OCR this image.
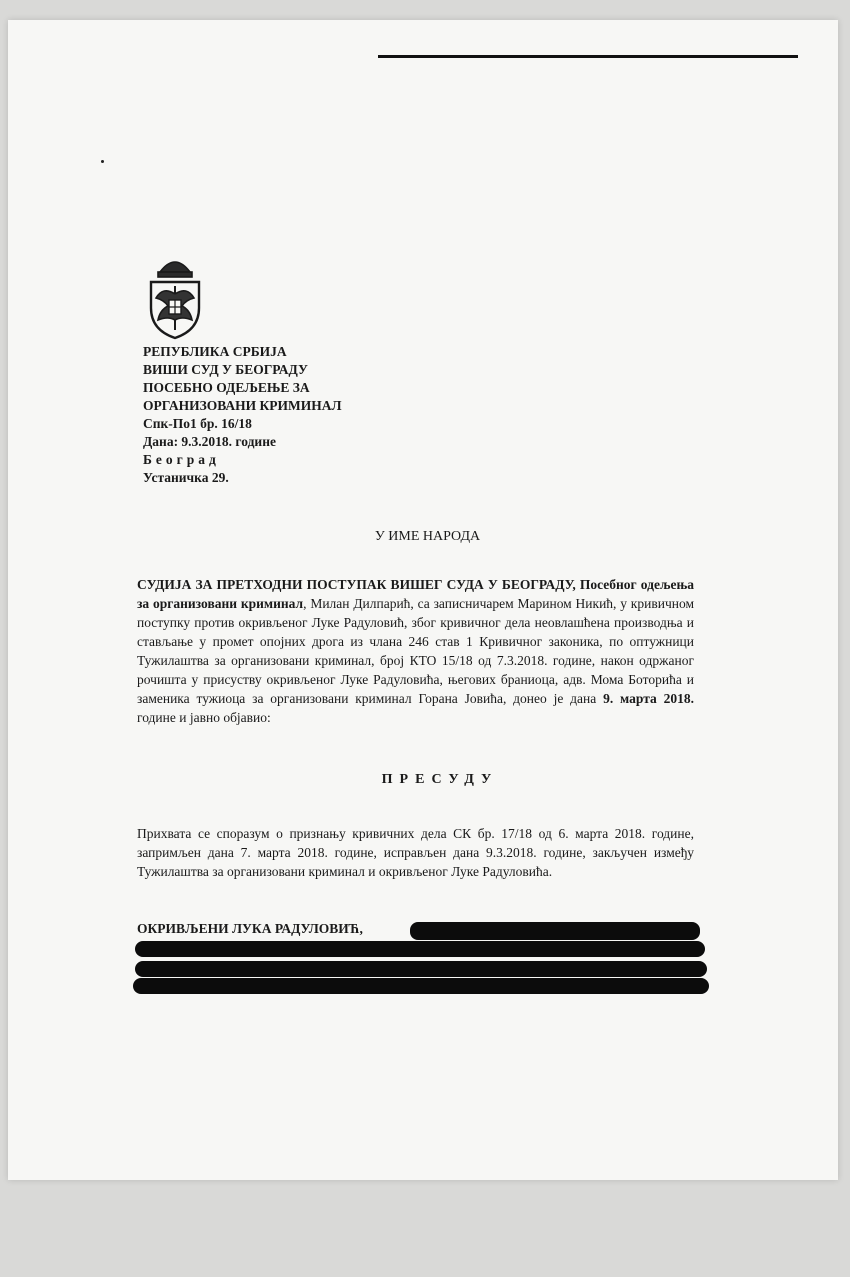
РЕПУБЛИКА СРБИЈА
ВИШИ СУД У БЕОГРАДУ
ПОСЕБНО ОДЕЉЕЊЕ ЗА
ОРГАНИЗОВАНИ КРИМИНАЛ
Спк-По1 бр. 16/18
Дана: 9.3.2018. године
Београд
Устаничка 29.
У ИМЕ НАРОДА
СУДИЈА ЗА ПРЕТХОДНИ ПОСТУПАК ВИШЕГ СУДА У БЕОГРАДУ, Посебног одељења за организовани криминал, Милан Дилпарић, са записничарем Марином Никић, у кривичном поступку против окривљеног Луке Радуловић, због кривичног дела неовлашћена производња и стављање у промет опојних дрога из члана 246 став 1 Кривичног законика, по оптужници Тужилаштва за организовани криминал, број КТО 15/18 од 7.3.2018. године, након одржаног рочишта у присуству окривљеног Луке Радуловића, његових браниоца, адв. Мома Боторића и заменика тужиоца за организовани криминал Горана Јовића, донео је дана 9. марта 2018. године и јавно објавио:
ПРЕСУДУ
Прихвата се споразум о признању кривичних дела СК бр. 17/18 од 6. марта 2018. године, запримљен дана 7. марта 2018. године, исправљен дана 9.3.2018. године, закључен између Тужилаштва за организовани криминал и окривљеног Луке Радуловића.
ОКРИВЉЕНИ ЛУКА РАДУЛОВИЋ,
